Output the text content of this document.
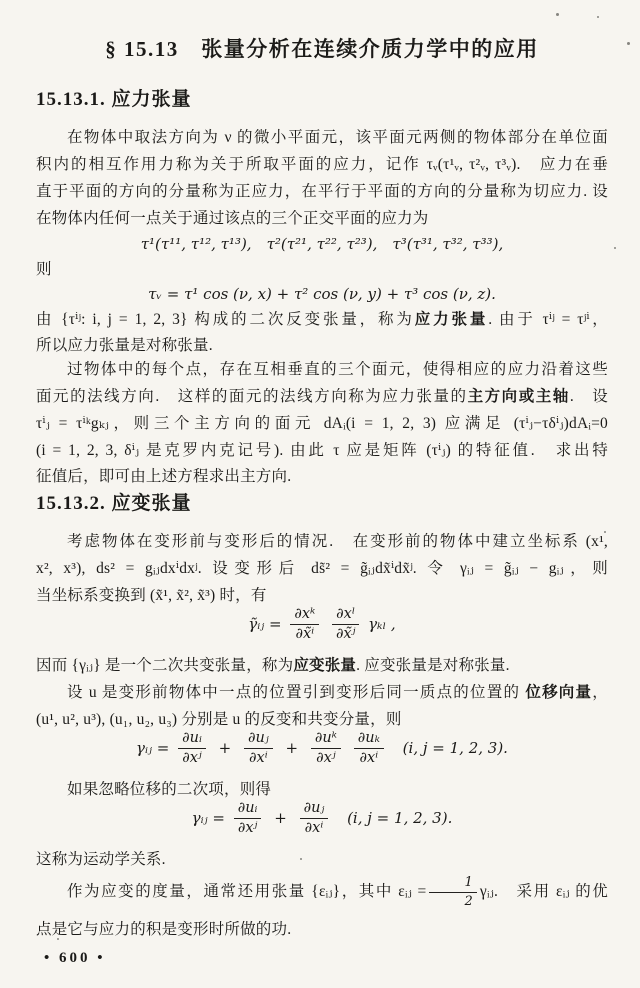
§ 15.13　张量分析在连续介质力学中的应用
15.13.1. 应力张量
在物体中取法方向为 ν 的微小平面元，该平面元两侧的物体部分在单位面
积内的相互作用力称为关于所取平面的应力，记作 τᵥ(τ¹ᵥ, τ²ᵥ, τ³ᵥ).　应力在垂
直于平面的方向的分量称为正应力，在平行于平面的方向的分量称为切应力. 设
在物体内任何一点关于通过该点的三个正交平面的应力为
τ¹(τ¹¹, τ¹², τ¹³),　τ²(τ²¹, τ²², τ²³),　τ³(τ³¹, τ³², τ³³),
则
τᵥ = τ¹ cos (ν, x) + τ² cos (ν, y) + τ³ cos (ν, z).
由 {τⁱʲ: i, j = 1, 2, 3} 构成的二次反变张量，称为应力张量. 由于 τⁱʲ = τʲⁱ，
所以应力张量是对称张量.
过物体中的每个点，存在互相垂直的三个面元，使得相应的应力沿着这些
面元的法线方向.　这样的面元的法线方向称为应力张量的主方向或主轴.　设
τⁱⱼ = τⁱᵏgₖⱼ，则三个主方向的面元 dAᵢ(i = 1, 2, 3) 应满足 (τⁱⱼ−τδⁱⱼ)dAᵢ=0
(i = 1, 2, 3, δⁱⱼ 是克罗内克记号). 由此 τ 应是矩阵 (τⁱⱼ) 的特征值.　求出特
征值后，即可由上述方程求出主方向.
15.13.2. 应变张量
考虑物体在变形前与变形后的情况.　在变形前的物体中建立坐标系 (x¹,
x², x³), ds² = gᵢⱼdxⁱdxʲ. 设变形后 ds̃² = g̃ᵢⱼdx̃ⁱdx̃ʲ. 令 γᵢⱼ = g̃ᵢⱼ − gᵢⱼ，则
当坐标系变换到 (x̃¹, x̃², x̃³) 时，有
γ̃ᵢⱼ = $\frac{\text{∂xᵏ}}{\text{∂x̃ⁱ}}$
$\frac{\text{∂xˡ}}{\text{∂x̃ʲ}}$ γₖₗ ,
因而 {γᵢⱼ} 是一个二次共变张量，称为应变张量. 应变张量是对称张量.
设 u 是变形前物体中一点的位置引到变形后同一质点的位置的 位移向量，
(u¹, u², u³), (u₁, u₂, u₃) 分别是 u 的反变和共变分量，则
γᵢⱼ = $\frac{\text{∂uᵢ}}{\text{∂xʲ}} + \frac{\text{∂uⱼ}}{\text{∂xⁱ}} + \frac{\text{∂uᵏ}}{\text{∂xʲ}}$
$\frac{\text{∂uₖ}}{\text{∂xⁱ}} (i$, j = 1, 2, 3).
如果忽略位移的二次项，则得
γᵢⱼ = $\frac{\text{∂uᵢ}}{\text{∂xʲ}} + \frac{\text{∂uⱼ}}{\text{∂xⁱ}} (i$, j = 1, 2, 3).
这称为运动学关系.
作为应变的度量，通常还用张量 {εᵢⱼ}，其中 εᵢⱼ = $\frac{1}{2}$ γᵢⱼ.　采用 εᵢⱼ 的优
点是它与应力的积是变形时所做的功.
• 600 •
